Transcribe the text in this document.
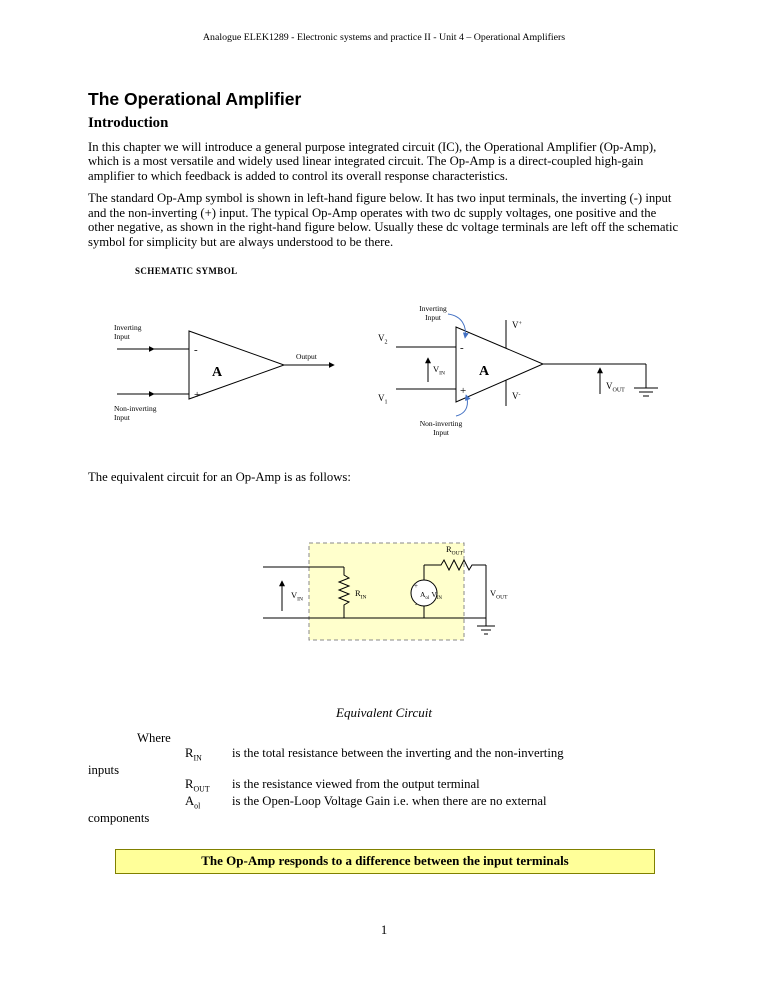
Analogue ELEK1289 - Electronic systems and practice II - Unit 4 – Operational Amplifiers
The Operational Amplifier
Introduction

In this chapter we will introduce a general purpose integrated circuit (IC), the Operational Amplifier (Op-Amp), which is a most versatile and widely used linear integrated circuit. The Op-Amp is a direct-coupled high-gain amplifier to which feedback is added to control its overall response characteristics.

The standard Op-Amp symbol is shown in left-hand figure below. It has two input terminals, the inverting (-) input and the non-inverting (+) input. The typical Op-Amp operates with two dc supply voltages, one positive and the other negative, as shown in the right-hand figure below. Usually these dc voltage terminals are left off the schematic symbol for simplicity but are always understood to be there.

SCHEMATIC SYMBOL
A
-
+
Inverting
Input
Non-inverting
Input
Output
$V_2$
$V_1$
$V_{IN}$ A
-
+
V+
V-
$V_{OUT}$
Inverting
Input
Non-inverting
Input

The equivalent circuit for an Op-Amp is as follows:

$V_{IN}$
$R_{IN}$
$R_{OUT}$
+
-
$A_{ol}$ $V_{IN}$
$V_{OUT}$
Equivalent Circuit
Where
$R_{IN}$	is the total resistance between the inverting and the non-inverting
inputs
$R_{OUT}$	is the resistance viewed from the output terminal
$A_{ol}$	is the Open-Loop Voltage Gain i.e. when there are no external
components
The Op-Amp responds to a difference between the input terminals
1
